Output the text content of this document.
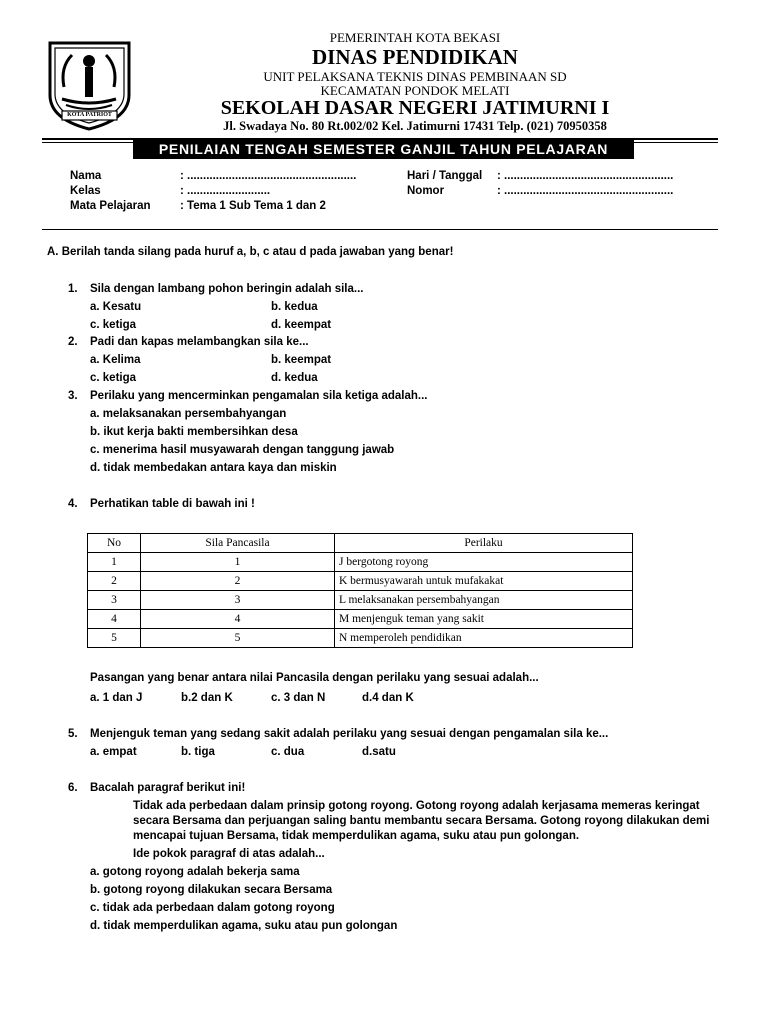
KOTA PATRIOT
PEMERINTAH KOTA BEKASI
DINAS PENDIDIKAN
UNIT PELAKSANA TEKNIS DINAS PEMBINAAN SD
KECAMATAN PONDOK MELATI
SEKOLAH DASAR NEGERI JATIMURNI I
Jl. Swadaya No. 80 Rt.002/02 Kel. Jatimurni 17431 Telp. (021) 70950358
PENILAIAN TENGAH SEMESTER GANJIL TAHUN PELAJARAN 2018/2019
Nama	: .....................................................
Kelas	: ..........................
Mata Pelajaran	: Tema 1 Sub Tema 1 dan 2
Hari / Tanggal : .....................................................
Nomor	: .....................................................
A. Berilah tanda silang pada huruf a, b, c atau d pada jawaban yang benar!
1. Sila dengan lambang pohon beringin adalah sila...
a. Kesatu	b. kedua
c. ketiga	d. keempat
2. Padi dan kapas melambangkan sila ke...
a. Kelima	b. keempat
c. ketiga	d. kedua
3. Perilaku yang mencerminkan pengamalan sila ketiga adalah...
a. melaksanakan persembahyangan
b. ikut kerja bakti membersihkan desa
c. menerima hasil musyawarah dengan tanggung jawab
d. tidak membedakan antara kaya dan miskin
4. Perhatikan table di bawah ini !
No	Sila Pancasila	Perilaku
1	1	J bergotong royong
2	2	K bermusyawarah untuk mufakakat
3	3	L melaksanakan persembahyangan
4	4	M menjenguk teman yang sakit
5	5	N memperoleh pendidikan
Pasangan yang benar antara nilai Pancasila dengan perilaku yang sesuai adalah...
a. 1 dan J	b.2 dan K	c. 3 dan N	d.4 dan K
5. Menjenguk teman yang sedang sakit adalah perilaku yang sesuai dengan pengamalan sila ke...
a. empat	b. tiga	c. dua	d.satu
6. Bacalah paragraf berikut ini!
Tidak ada perbedaan dalam prinsip gotong royong. Gotong royong adalah kerjasama memeras keringat
secara Bersama dan perjuangan saling bantu membantu secara Bersama. Gotong royong dilakukan demi
mencapai tujuan Bersama, tidak memperdulikan agama, suku atau pun golongan.
Ide pokok paragraf di atas adalah...
a. gotong royong adalah bekerja sama
b. gotong royong dilakukan secara Bersama
c. tidak ada perbedaan dalam gotong royong
d. tidak memperdulikan agama, suku atau pun golongan
